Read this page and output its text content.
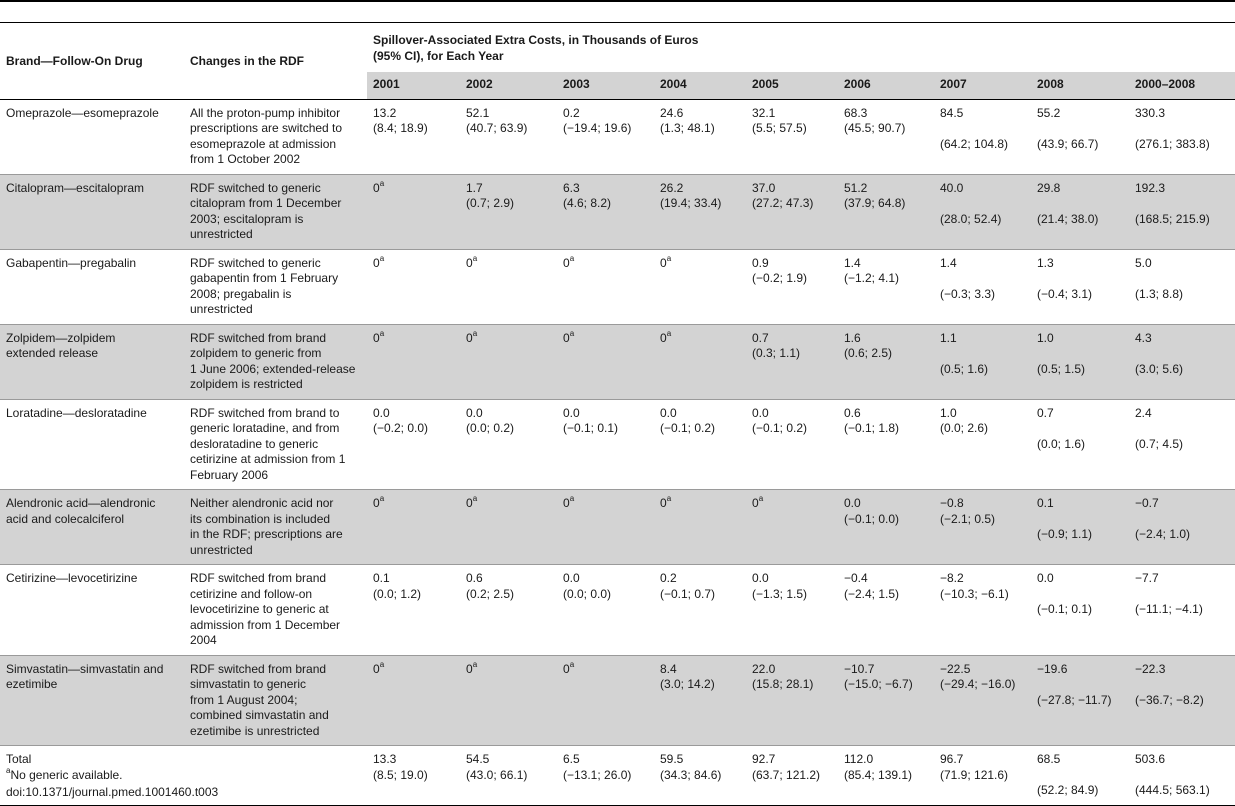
Brand—Follow-On Drug	Changes in the RDF	Spillover-Associated Extra Costs, in Thousands of Euros
(95% CI), for Each Year								

		2001	2002	2003	2004	2005	2006	2007	2008	2000–2008

Omeprazole—esomeprazole	All the proton-pump inhibitor
prescriptions are switched to
esomeprazole at admission
from 1 October 2002	13.2
(8.4; 18.9)	52.1
(40.7; 63.9)	0.2
(−19.4; 19.6)	24.6
(1.3; 48.1)	32.1
(5.5; 57.5)	68.3
(45.5; 90.7)	84.5
(64.2; 104.8)	55.2
(43.9; 66.7)	330.3
(276.1; 383.8)

Citalopram—escitalopram	RDF switched to generic
citalopram from 1 December
2003; escitalopram is
unrestricted	0$^a$	1.7
(0.7; 2.9)	6.3
(4.6; 8.2)	26.2
(19.4; 33.4)	37.0
(27.2; 47.3)	51.2
(37.9; 64.8)	40.0
(28.0; 52.4)	29.8
(21.4; 38.0)	192.3
(168.5; 215.9)

Gabapentin—pregabalin	RDF switched to generic
gabapentin from 1 February
2008; pregabalin is
unrestricted	0$^a$	0$^a$	0$^a$	0$^a$	0.9
(−0.2; 1.9)	1.4
(−1.2; 4.1)	1.4
(−0.3; 3.3)	1.3
(−0.4; 3.1)	5.0
(1.3; 8.8)

Zolpidem—zolpidem
extended release	RDF switched from brand
zolpidem to generic from
1 June 2006; extended-release
zolpidem is restricted	0$^a$	0$^a$	0$^a$	0$^a$	0.7
(0.3; 1.1)	1.6
(0.6; 2.5)	1.1
(0.5; 1.6)	1.0
(0.5; 1.5)	4.3
(3.0; 5.6)

Loratadine—desloratadine	RDF switched from brand to
generic loratadine, and from
desloratadine to generic
cetirizine at admission from 1
February 2006	0.0
(−0.2; 0.0)	0.0
(0.0; 0.2)	0.0
(−0.1; 0.1)	0.0
(−0.1; 0.2)	0.0
(−0.1; 0.2)	0.6
(−0.1; 1.8)	1.0
(0.0; 2.6)	0.7
(0.0; 1.6)	2.4
(0.7; 4.5)

Alendronic acid—alendronic
acid and colecalciferol	Neither alendronic acid nor
its combination is included
in the RDF; prescriptions are
unrestricted	0$^a$	0$^a$	0$^a$	0$^a$	0$^a$	0.0
(−0.1; 0.0)	−0.8
(−2.1; 0.5)	0.1
(−0.9; 1.1)	−0.7
(−2.4; 1.0)

Cetirizine—levocetirizine	RDF switched from brand
cetirizine and follow-on
levocetirizine to generic at
admission from 1 December
2004	0.1
(0.0; 1.2)	0.6
(0.2; 2.5)	0.0
(0.0; 0.0)	0.2
(−0.1; 0.7)	0.0
(−1.3; 1.5)	−0.4
(−2.4; 1.5)	−8.2
(−10.3; −6.1)	0.0
(−0.1; 0.1)	−7.7
(−11.1; −4.1)

Simvastatin—simvastatin and
ezetimibe	RDF switched from brand
simvastatin to generic
from 1 August 2004;
combined simvastatin and
ezetimibe is unrestricted	0$^a$	0$^a$	0$^a$	8.4
(3.0; 14.2)	22.0
(15.8; 28.1)	−10.7
(−15.0; −6.7)	−22.5
(−29.4; −16.0)	−19.6
(−27.8; −11.7)	−22.3
(−36.7; −8.2)

Total		13.3
(8.5; 19.0)	54.5
(43.0; 66.1)	6.5
(−13.1; 26.0)	59.5
(34.3; 84.6)	92.7
(63.7; 121.2)	112.0
(85.4; 139.1)	96.7
(71.9; 121.6)	68.5
(52.2; 84.9)	503.6
(444.5; 563.1)
$^a$No generic available.
doi:10.1371/journal.pmed.1001460.t003
